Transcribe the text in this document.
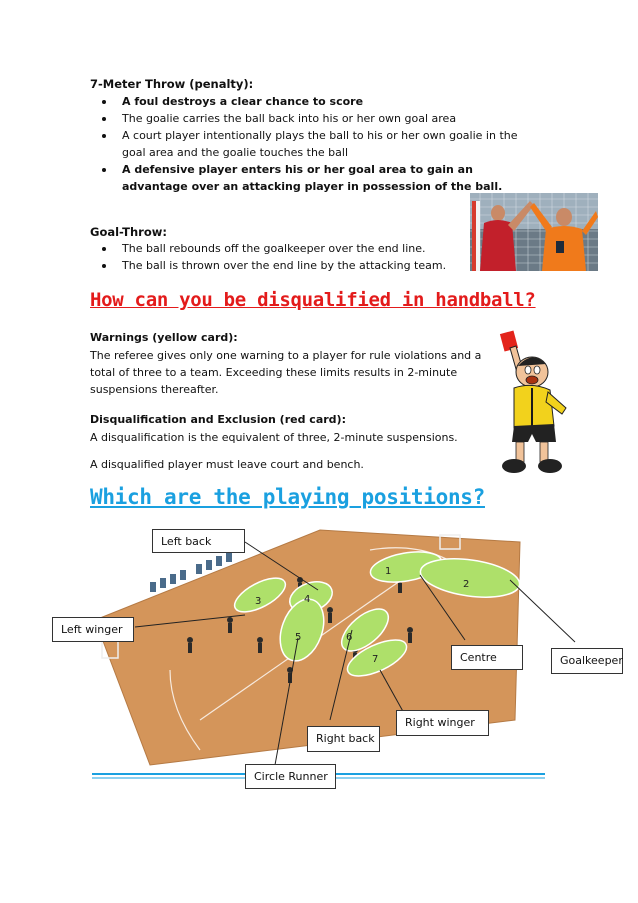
7-Meter Throw (penalty):
A foul destroys a clear chance to score
The goalie carries the ball back into his or her own goal area
A court player intentionally plays the ball to his or her own goalie in the goal area and the goalie touches the ball
A defensive player enters his or her goal area to gain an advantage over an attacking player in possession of the ball.
Goal-Throw:
The ball rebounds off the goalkeeper over the end line.
The ball is thrown over the end line by the attacking team.
How can you be disqualified in handball?
Warnings (yellow card):
The referee gives only one warning to a player for rule violations and a total of three to a team. Exceeding these limits results in 2-minute suspensions thereafter.
Disqualification and Exclusion (red card):
A disqualification is the equivalent of three, 2-minute suspensions.
A disqualified player must leave court and bench.
Which are the playing positions?
1
2
3	4
5	6
7
Left back
Left winger
Centre	Goalkeeper
Right winger
Right back
Circle Runner
